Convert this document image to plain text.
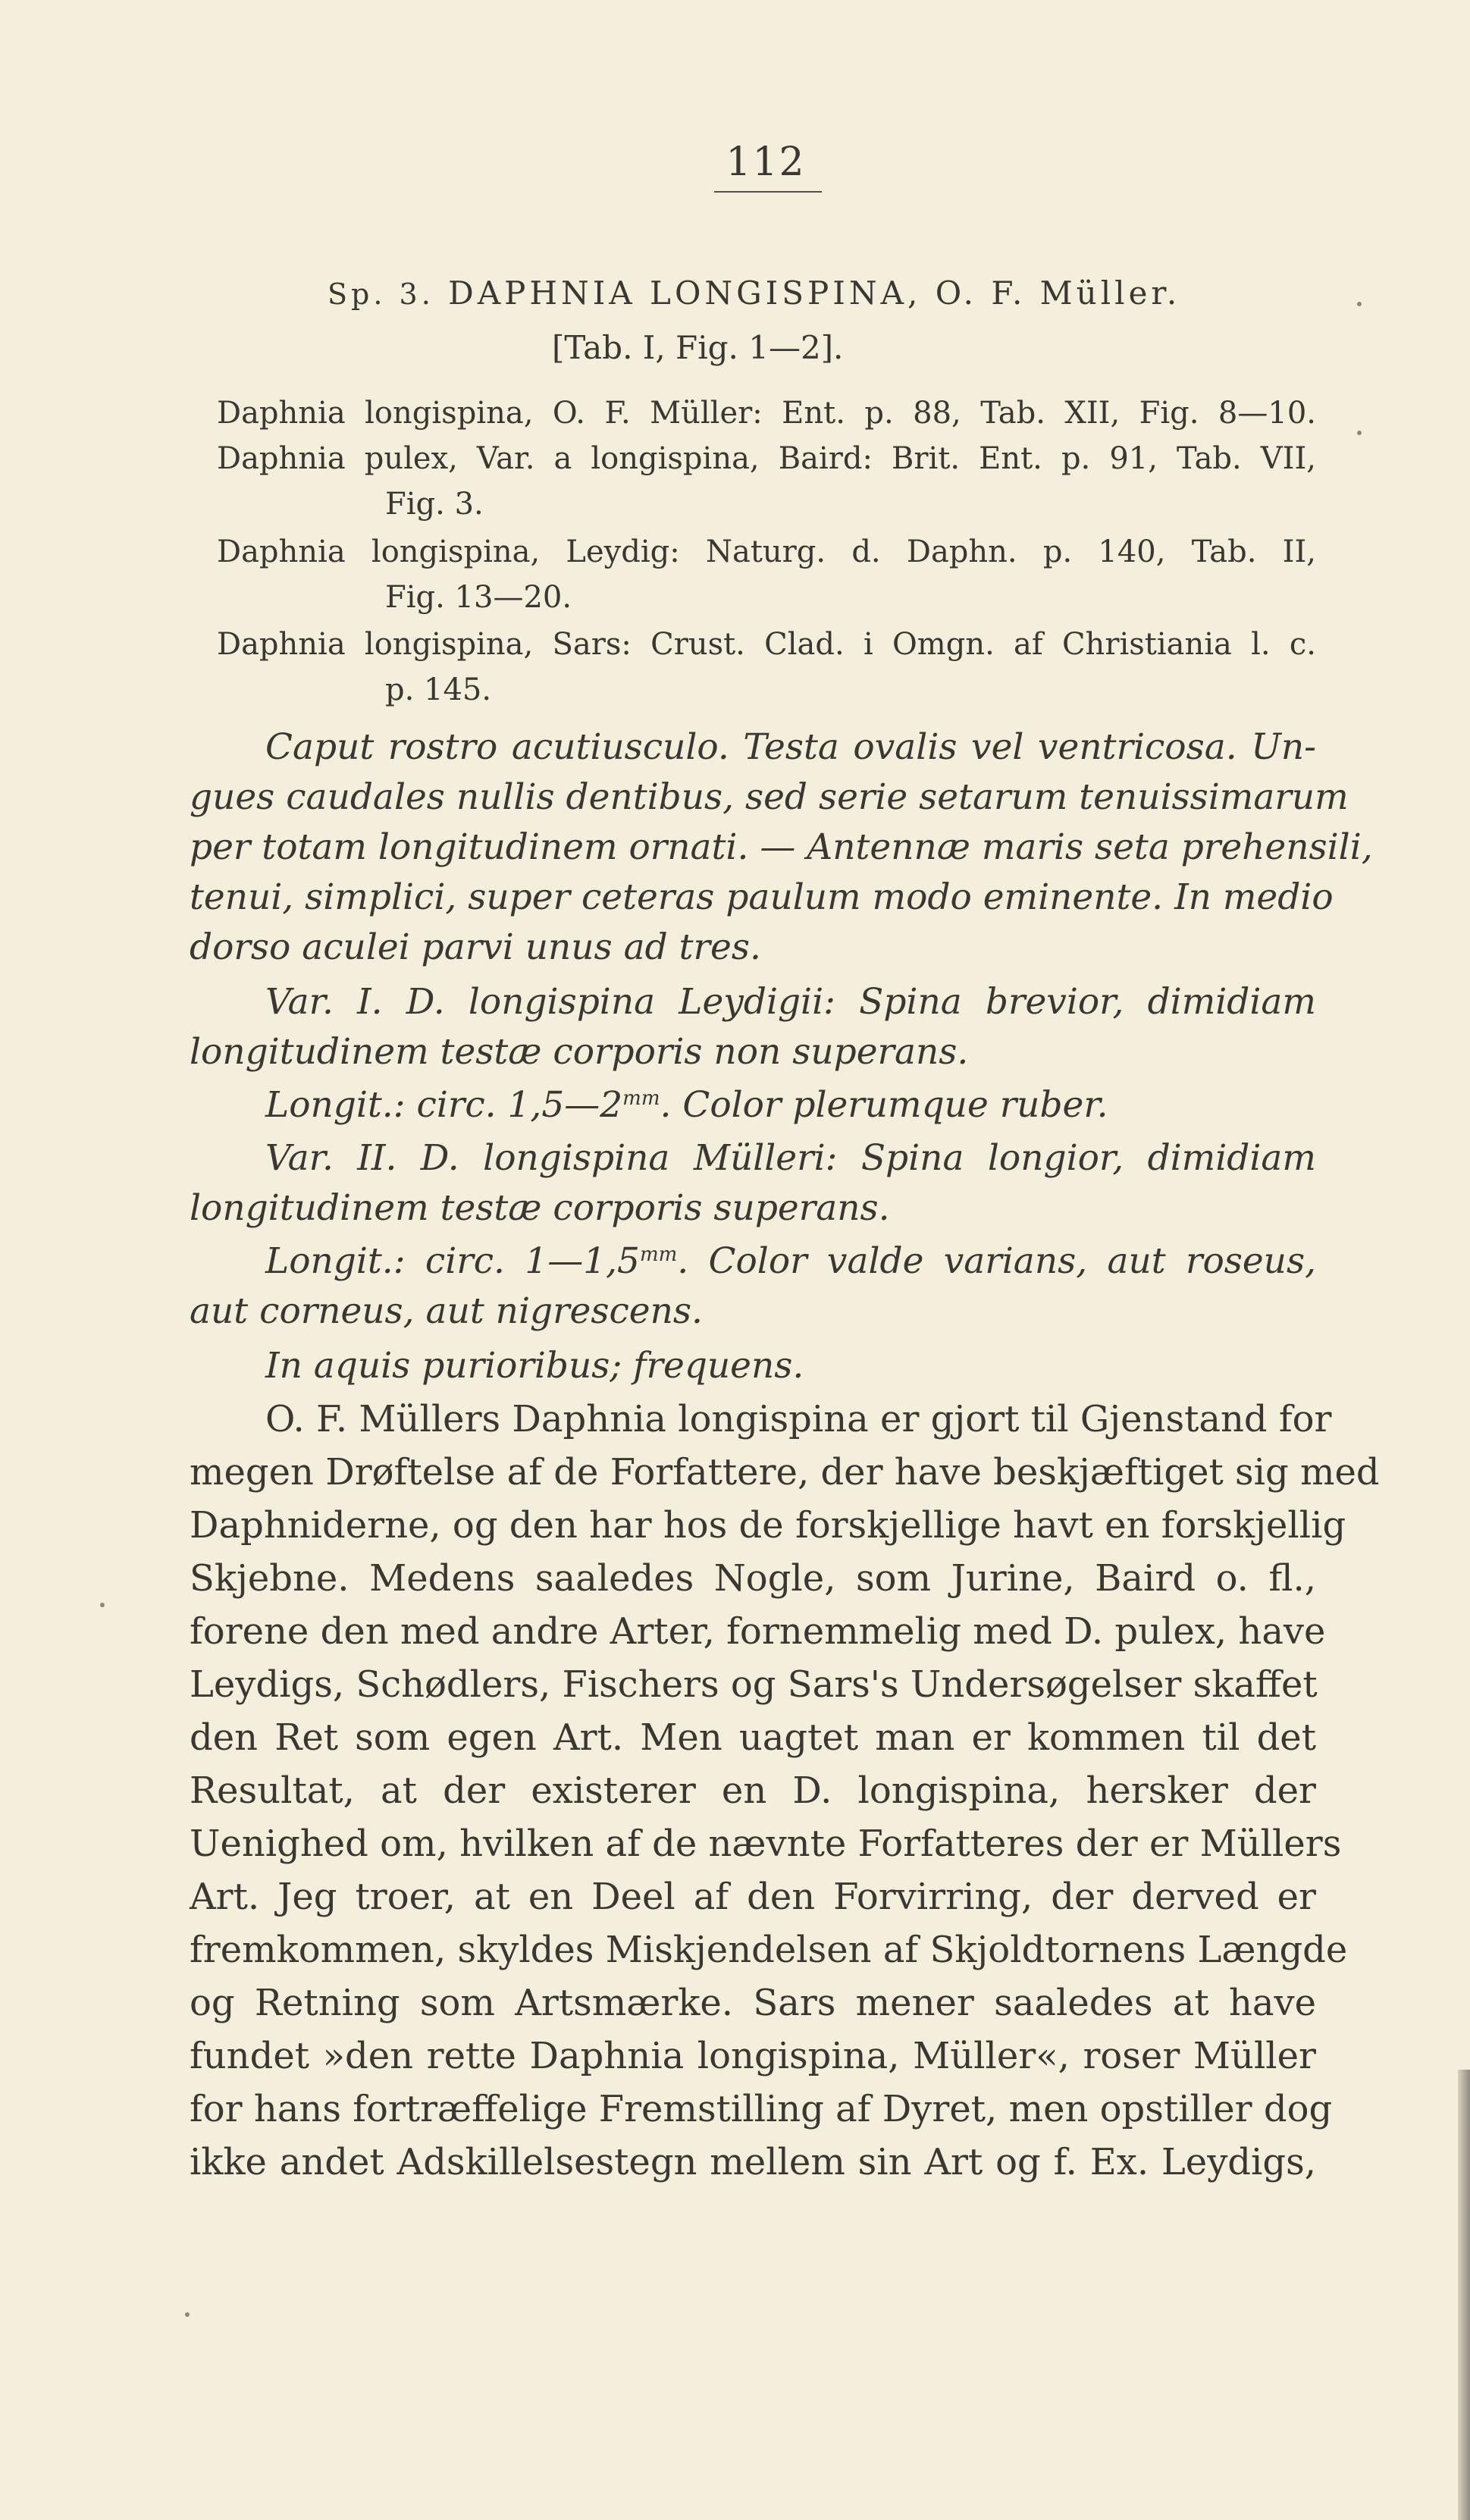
112
Sp. 3. DAPHNIA LONGISPINA, O. F. Müller.
[Tab. I, Fig. 1—2].
Daphnia longispina, O. F. Müller: Ent. p. 88, Tab. XII, Fig. 8—10.
Daphnia pulex, Var. a longispina, Baird: Brit. Ent. p. 91, Tab. VII,
Fig. 3.
Daphnia longispina, Leydig: Naturg. d. Daphn. p. 140, Tab. II,
Fig. 13—20.
Daphnia longispina, Sars: Crust. Clad. i Omgn. af Christiania l. c.
p. 145.
Caput rostro acutiusculo. Testa ovalis vel ventricosa. Un-
gues caudales nullis dentibus, sed serie setarum tenuissimarum
per totam longitudinem ornati. — Antennæ maris seta prehensili,
tenui, simplici, super ceteras paulum modo eminente. In medio
dorso aculei parvi unus ad tres.
Var. I. D. longispina Leydigii: Spina brevior, dimidiam
longitudinem testæ corporis non superans.
Longit.: circ. $1,5—2^{mm}$. Color plerumque ruber.
Var. II. D. longispina Mülleri: Spina longior, dimidiam
longitudinem testæ corporis superans.
Longit.: circ. $1—1,5^{mm}$. Color valde varians, aut roseus,
aut corneus, aut nigrescens.
In aquis purioribus; frequens.
O. F. Müllers Daphnia longispina er gjort til Gjenstand for
megen Drøftelse af de Forfattere, der have beskjæftiget sig med
Daphniderne, og den har hos de forskjellige havt en forskjellig
Skjebne. Medens saaledes Nogle, som Jurine, Baird o. fl.,
forene den med andre Arter, fornemmelig med D. pulex, have
Leydigs, Schødlers, Fischers og Sars's Undersøgelser skaffet
den Ret som egen Art. Men uagtet man er kommen til det
Resultat, at der existerer en D. longispina, hersker der
Uenighed om, hvilken af de nævnte Forfatteres der er Müllers
Art. Jeg troer, at en Deel af den Forvirring, der derved er
fremkommen, skyldes Miskjendelsen af Skjoldtornens Længde
og Retning som Artsmærke. Sars mener saaledes at have
fundet »den rette Daphnia longispina, Müller«, roser Müller
for hans fortræffelige Fremstilling af Dyret, men opstiller dog
ikke andet Adskillelsestegn mellem sin Art og f. Ex. Leydigs,
